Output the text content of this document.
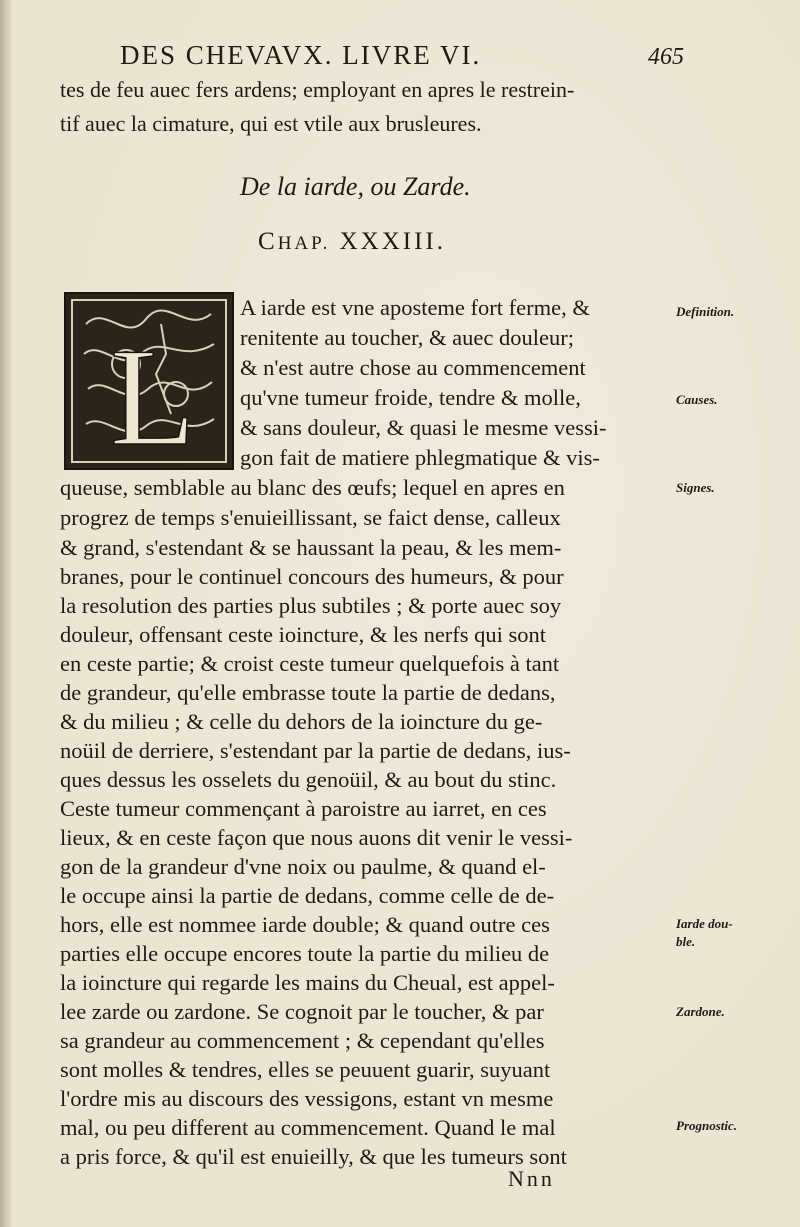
DES CHEVAVX. LIVRE VI.	465
tes de feu auec fers ardens; employant en apres le restrein-
tif auec la cimature, qui est vtile aux brusleures.
De la iarde, ou Zarde.
CHAP. XXXIII.
L
A iarde est vne aposteme fort ferme, &
renitente au toucher, & auec douleur;
& n'est autre chose au commencement
qu'vne tumeur froide, tendre & molle,
& sans douleur, & quasi le mesme vessi-
gon fait de matiere phlegmatique & vis-
queuse, semblable au blanc des œufs; lequel en apres en
progrez de temps s'enuieillissant, se faict dense, calleux
& grand, s'estendant & se haussant la peau, & les mem-
branes, pour le continuel concours des humeurs, & pour
la resolution des parties plus subtiles ; & porte auec soy
douleur, offensant ceste ioincture, & les nerfs qui sont
en ceste partie; & croist ceste tumeur quelquefois à tant
de grandeur, qu'elle embrasse toute la partie de dedans,
& du milieu ; & celle du dehors de la ioincture du ge-
noüil de derriere, s'estendant par la partie de dedans, ius-
ques dessus les osselets du genoüil, & au bout du stinc.
Ceste tumeur commençant à paroistre au iarret, en ces
lieux, & en ceste façon que nous auons dit venir le vessi-
gon de la grandeur d'vne noix ou paulme, & quand el-
le occupe ainsi la partie de dedans, comme celle de de-
hors, elle est nommee iarde double; & quand outre ces
parties elle occupe encores toute la partie du milieu de
la ioincture qui regarde les mains du Cheual, est appel-
lee zarde ou zardone. Se cognoit par le toucher, & par
sa grandeur au commencement ; & cependant qu'elles
sont molles & tendres, elles se peuuent guarir, suyuant
l'ordre mis au discours des vessigons, estant vn mesme
mal, ou peu different au commencement. Quand le mal
a pris force, & qu'il est enuieilly, & que les tumeurs sont
Definition.
Causes.
Signes.
Iarde dou-
ble.
Zardone.
Prognostic.
Nnn
